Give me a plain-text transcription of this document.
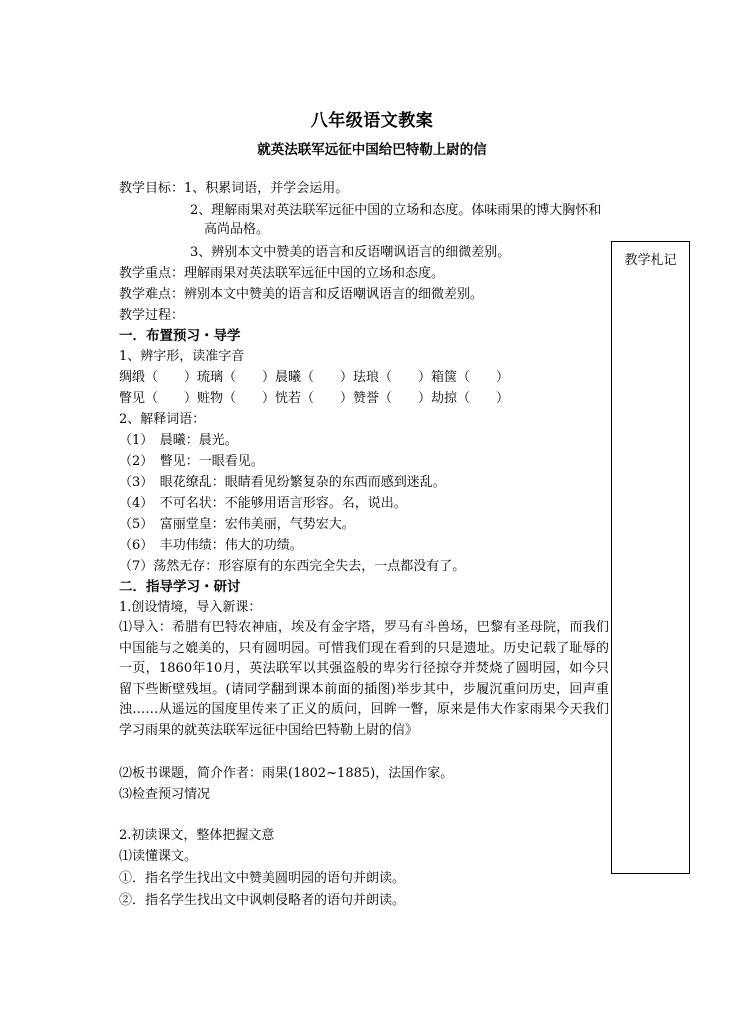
八年级语文教案
就英法联军远征中国给巴特勒上尉的信
教学目标：1、积累词语，并学会运用。
2、理解雨果对英法联军远征中国的立场和态度。体味雨果的博大胸怀和
高尚品格。
3、辨别本文中赞美的语言和反语嘲讽语言的细微差别。
教学重点：理解雨果对英法联军远征中国的立场和态度。
教学难点：辨别本文中赞美的语言和反语嘲讽语言的细微差别。
教学过程：
一．布置预习・导学
1、辨字形，读准字音
绸缎（　　）琉璃（　　）晨曦（　　）珐琅（　　）箱箧（　　）
瞥见（　　）赃物（　　）恍若（　　）赞誉（　　）劫掠（　　）
2、解释词语：
（1）　晨曦：晨光。
（2）　瞥见：一眼看见。
（3）　眼花缭乱：眼睛看见纷繁复杂的东西而感到迷乱。
（4）　不可名状：不能够用语言形容。名，说出。
（5）　富丽堂皇：宏伟美丽，气势宏大。
（6）　丰功伟绩：伟大的功绩。
（7）荡然无存：形容原有的东西完全失去，一点都没有了。
二．指导学习・研讨
1.创设情境，导入新课：
⑴导入：希腊有巴特农神庙，埃及有金字塔，罗马有斗兽场，巴黎有圣母院，而我们中国能与之媲美的，只有圆明园。可惜我们现在看到的只是遗址。历史记载了耻辱的一页，1860年10月，英法联军以其强盗般的卑劣行径掠夺并焚烧了圆明园，如今只留下些断壁残垣。(请同学翻到课本前面的插图)举步其中，步履沉重问历史，回声重浊……从遥远的国度里传来了正义的质问，回眸一瞥，原来是伟大作家雨果今天我们学习雨果的就英法联军远征中国给巴特勒上尉的信》
⑵板书课题，简介作者：雨果(1802~1885)，法国作家。
⑶检查预习情况
2.初读课文，整体把握文意
⑴读懂课文。
①．指名学生找出文中赞美圆明园的语句并朗读。
②．指名学生找出文中讽刺侵略者的语句并朗读。
教学札记
